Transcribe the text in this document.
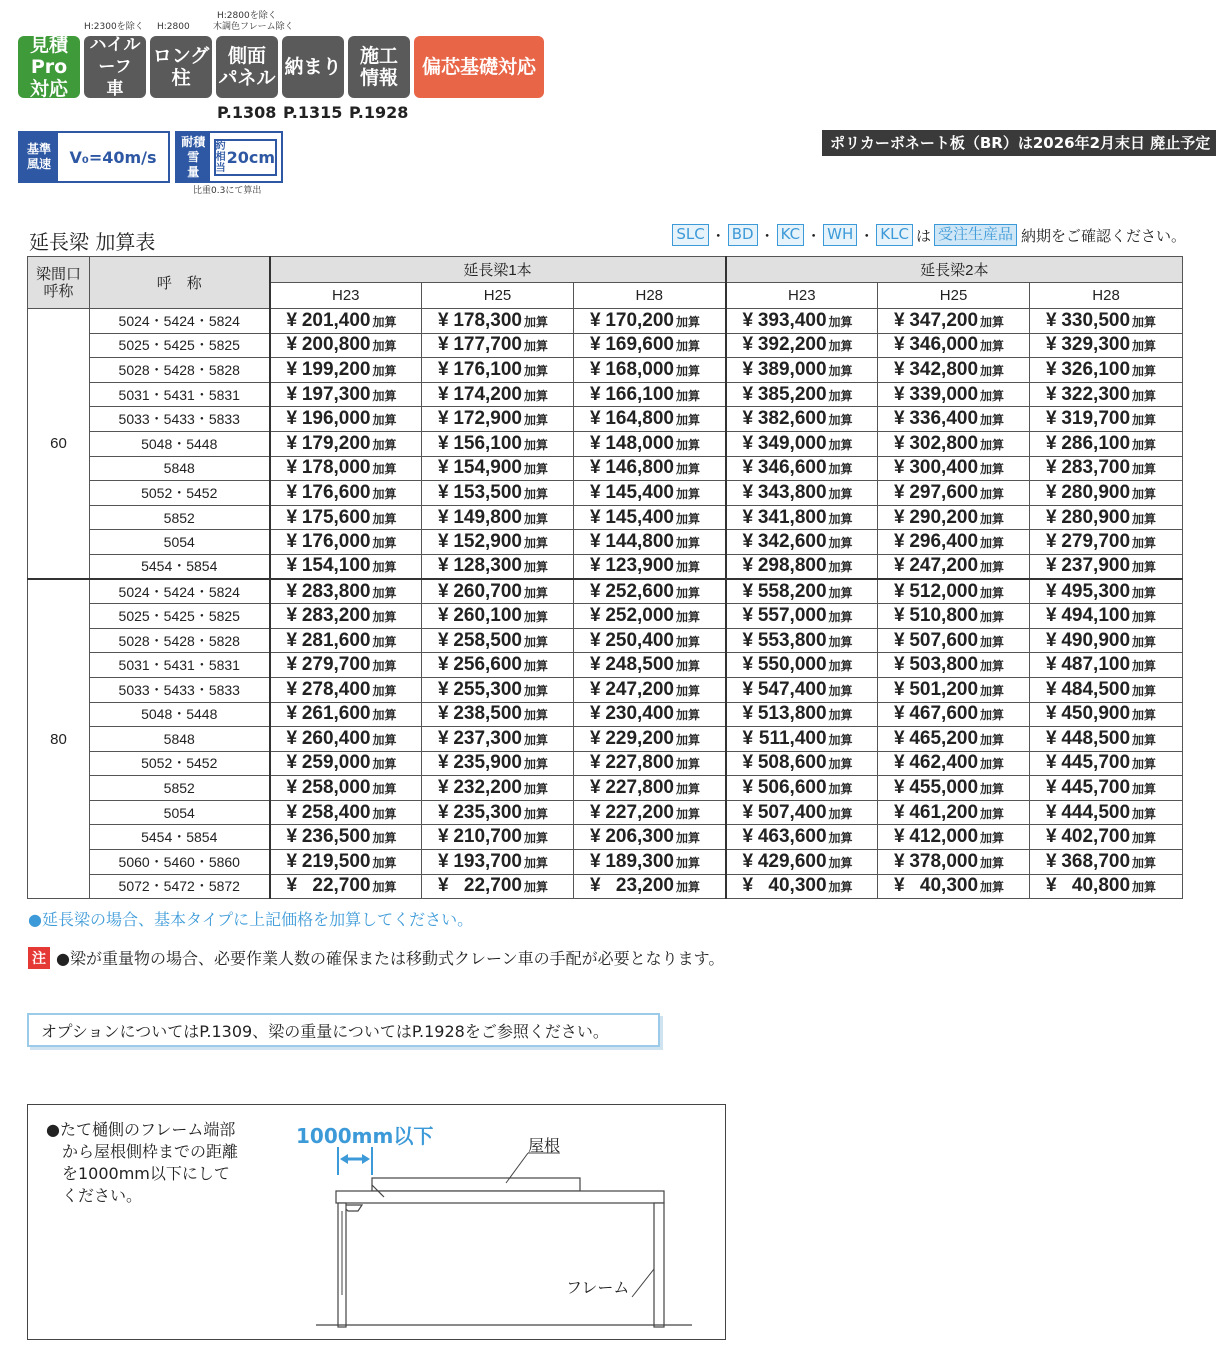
H:2300を除く H:2800
H:2800を除く
木調色フレーム除く
見積Pro
対応
ハイルーフ
車
ロング
柱
側面
パネル 納まり 施工
情報	偏芯基礎対応
P.1308 P.1315 P.1928
基準
風速	V₀=40m/s
耐積雪
量
約
相当
20cm
比重0.3にて算出
ポリカーボネート板（BR）は2026年2月末日 廃止予定
延長梁 加算表	SLC ・ BD ・ KC ・ WH ・ KLC は 受注生産品 納期をご確認ください。
梁間口
呼称	呼　称	延長梁1本			延長梁2本		
		H23	H25	H28	H23	H25	H28
60	5024・5424・5824	¥ 201,400 加算	¥ 178,300 加算	¥ 170,200 加算	¥ 393,400 加算	¥ 347,200 加算	¥ 330,500 加算
	5025・5425・5825	¥ 200,800 加算	¥ 177,700 加算	¥ 169,600 加算	¥ 392,200 加算	¥ 346,000 加算	¥ 329,300 加算
	5028・5428・5828	¥ 199,200 加算	¥ 176,100 加算	¥ 168,000 加算	¥ 389,000 加算	¥ 342,800 加算	¥ 326,100 加算
	5031・5431・5831	¥ 197,300 加算	¥ 174,200 加算	¥ 166,100 加算	¥ 385,200 加算	¥ 339,000 加算	¥ 322,300 加算
	5033・5433・5833	¥ 196,000 加算	¥ 172,900 加算	¥ 164,800 加算	¥ 382,600 加算	¥ 336,400 加算	¥ 319,700 加算
	5048・5448	¥ 179,200 加算	¥ 156,100 加算	¥ 148,000 加算	¥ 349,000 加算	¥ 302,800 加算	¥ 286,100 加算
	5848	¥ 178,000 加算	¥ 154,900 加算	¥ 146,800 加算	¥ 346,600 加算	¥ 300,400 加算	¥ 283,700 加算
	5052・5452	¥ 176,600 加算	¥ 153,500 加算	¥ 145,400 加算	¥ 343,800 加算	¥ 297,600 加算	¥ 280,900 加算
	5852	¥ 175,600 加算	¥ 149,800 加算	¥ 145,400 加算	¥ 341,800 加算	¥ 290,200 加算	¥ 280,900 加算
	5054	¥ 176,000 加算	¥ 152,900 加算	¥ 144,800 加算	¥ 342,600 加算	¥ 296,400 加算	¥ 279,700 加算
	5454・5854	¥ 154,100 加算	¥ 128,300 加算	¥ 123,900 加算	¥ 298,800 加算	¥ 247,200 加算	¥ 237,900 加算
80	5024・5424・5824	¥ 283,800 加算	¥ 260,700 加算	¥ 252,600 加算	¥ 558,200 加算	¥ 512,000 加算	¥ 495,300 加算
	5025・5425・5825	¥ 283,200 加算	¥ 260,100 加算	¥ 252,000 加算	¥ 557,000 加算	¥ 510,800 加算	¥ 494,100 加算
	5028・5428・5828	¥ 281,600 加算	¥ 258,500 加算	¥ 250,400 加算	¥ 553,800 加算	¥ 507,600 加算	¥ 490,900 加算
	5031・5431・5831	¥ 279,700 加算	¥ 256,600 加算	¥ 248,500 加算	¥ 550,000 加算	¥ 503,800 加算	¥ 487,100 加算
	5033・5433・5833	¥ 278,400 加算	¥ 255,300 加算	¥ 247,200 加算	¥ 547,400 加算	¥ 501,200 加算	¥ 484,500 加算
	5048・5448	¥ 261,600 加算	¥ 238,500 加算	¥ 230,400 加算	¥ 513,800 加算	¥ 467,600 加算	¥ 450,900 加算
	5848	¥ 260,400 加算	¥ 237,300 加算	¥ 229,200 加算	¥ 511,400 加算	¥ 465,200 加算	¥ 448,500 加算
	5052・5452	¥ 259,000 加算	¥ 235,900 加算	¥ 227,800 加算	¥ 508,600 加算	¥ 462,400 加算	¥ 445,700 加算
	5852	¥ 258,000 加算	¥ 232,200 加算	¥ 227,800 加算	¥ 506,600 加算	¥ 455,000 加算	¥ 445,700 加算
	5054	¥ 258,400 加算	¥ 235,300 加算	¥ 227,200 加算	¥ 507,400 加算	¥ 461,200 加算	¥ 444,500 加算
	5454・5854	¥ 236,500 加算	¥ 210,700 加算	¥ 206,300 加算	¥ 463,600 加算	¥ 412,000 加算	¥ 402,700 加算
	5060・5460・5860	¥ 219,500 加算	¥ 193,700 加算	¥ 189,300 加算	¥ 429,600 加算	¥ 378,000 加算	¥ 368,700 加算
	5072・5472・5872	¥ 22,700 加算	¥ 22,700 加算	¥ 23,200 加算	¥ 40,300 加算	¥ 40,300 加算	¥ 40,800 加算
●延長梁の場合、基本タイプに上記価格を加算してください。
注 ●梁が重量物の場合、必要作業人数の確保または移動式クレーン車の手配が必要となります。
オプションについてはP.1309、梁の重量についてはP.1928をご参照ください。
●たて樋側のフレーム端部
　から屋根側枠までの距離
　を1000mm以下にして
　ください。
1000mm以下	屋根
フレーム
